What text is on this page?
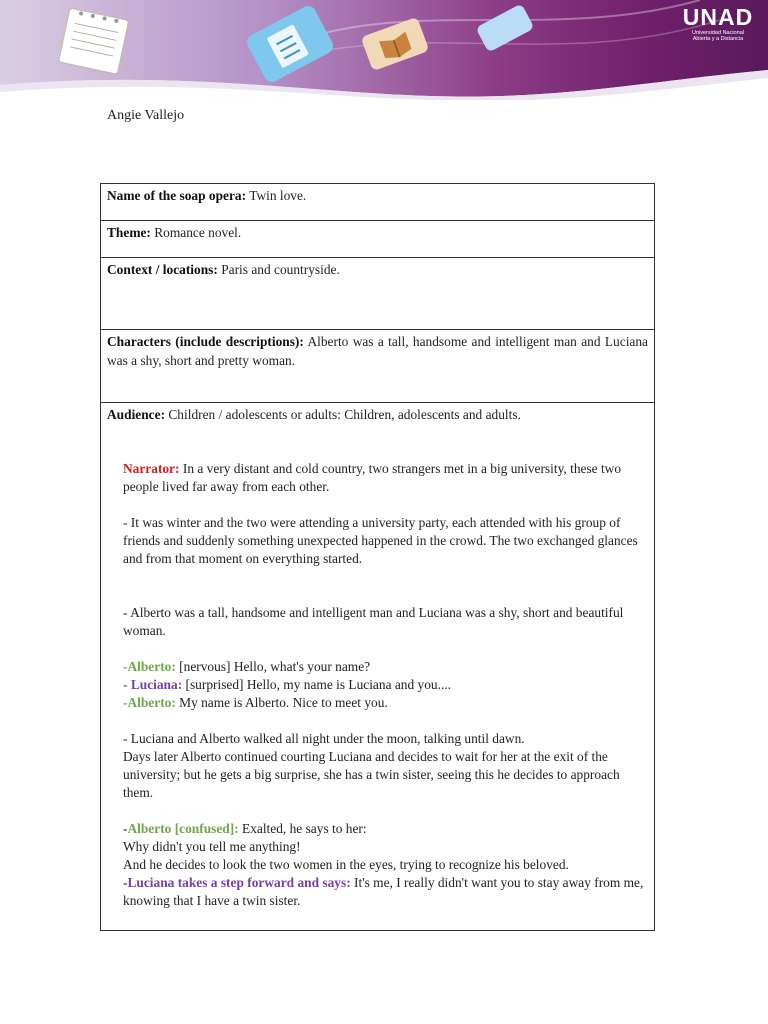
UNAD
Universidad Nacional
Abierta y a Distancia
Angie Vallejo
Name of the soap opera: Twin love.
Theme: Romance novel.
Context / locations: Paris and countryside.
Characters (include descriptions): Alberto was a tall, handsome and intelligent man and Luciana was a shy, short and pretty woman.

Audience: Children / adolescents or adults: Children, adolescents and adults.

Narrator: In a very distant and cold country, two strangers met in a big university, these two people lived far away from each other.

- It was winter and the two were attending a university party, each attended with his group of friends and suddenly something unexpected happened in the crowd. The two exchanged glances and from that moment on everything started.

- Alberto was a tall, handsome and intelligent man and Luciana was a shy, short and beautiful woman.

-Alberto: [nervous] Hello, what's your name?

- Luciana: [surprised] Hello, my name is Luciana and you....

-Alberto: My name is Alberto. Nice to meet you.

- Luciana and Alberto walked all night under the moon, talking until dawn.

Days later Alberto continued courting Luciana and decides to wait for her at the exit of the university; but he gets a big surprise, she has a twin sister, seeing this he decides to approach them.

-Alberto [confused]: Exalted, he says to her:

Why didn't you tell me anything!

And he decides to look the two women in the eyes, trying to recognize his beloved.

-Luciana takes a step forward and says: It's me, I really didn't want you to stay away from me, knowing that I have a twin sister.
